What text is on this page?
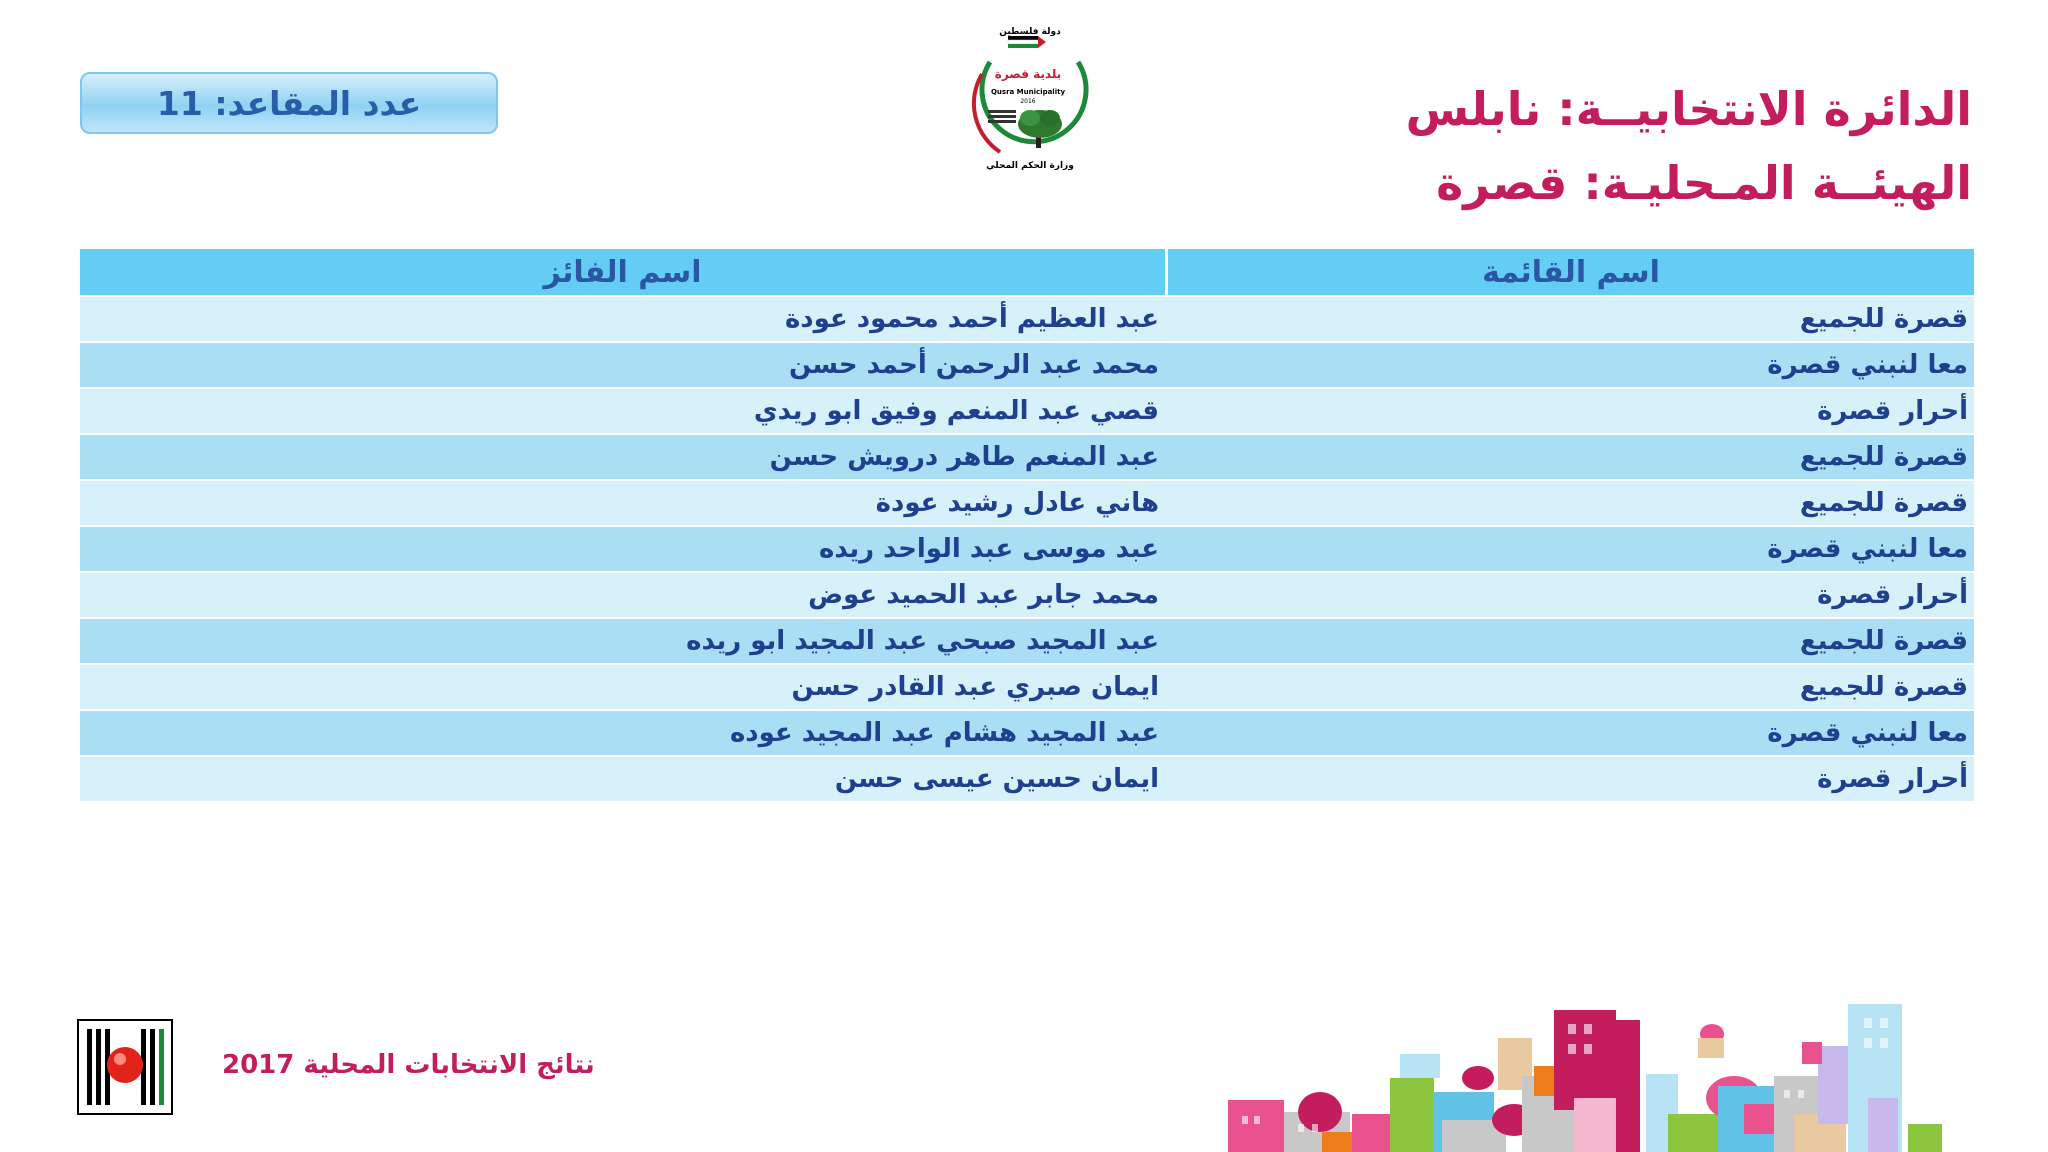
عدد المقاعد: 11	الدائرة الانتخابيــة: نابلس
الهيئــة المـحليـة: قصرة
دولة فلسطين
بلدية قصرة
Qusra Municipality
2016
وزارة الحكم المحلي
اسم القائمة	اسم الفائز
قصرة للجميع	عبد العظيم أحمد محمود عودة
معا لنبني قصرة	محمد عبد الرحمن أحمد حسن
أحرار قصرة	قصي عبد المنعم وفيق ابو ريدي
قصرة للجميع	عبد المنعم طاهر درويش حسن
قصرة للجميع	هاني عادل رشيد عودة
معا لنبني قصرة	عبد موسى عبد الواحد ريده
أحرار قصرة	محمد جابر عبد الحميد عوض
قصرة للجميع	عبد المجيد صبحي عبد المجيد ابو ريده
قصرة للجميع	ايمان صبري عبد القادر حسن
معا لنبني قصرة	عبد المجيد هشام عبد المجيد عوده
أحرار قصرة	ايمان حسين عيسى حسن
نتائج الانتخابات المحلية 2017
